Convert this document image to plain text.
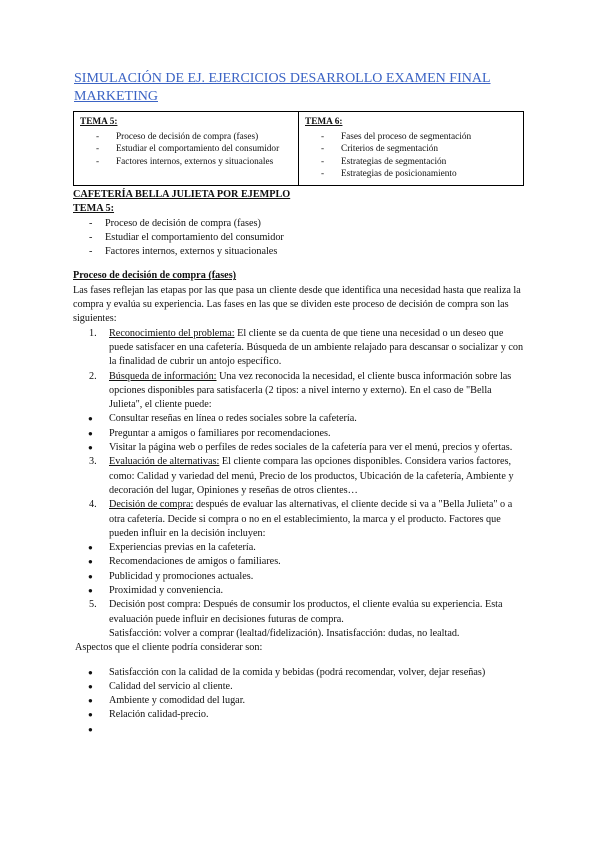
SIMULACIÓN DE EJ. EJERCICIOS DESARROLLO EXAMEN FINAL MARKETING
TEMA 5:
- Proceso de decisión de compra (fases)
- Estudiar el comportamiento del consumidor
- Factores internos, externos y situacionales
TEMA 6:
- Fases del proceso de segmentación
- Criterios de segmentación
- Estrategias de segmentación
- Estrategias de posicionamiento
CAFETERÍA BELLA JULIETA POR EJEMPLO
TEMA 5:
- Proceso de decisión de compra (fases)
- Estudiar el comportamiento del consumidor
- Factores internos, externos y situacionales
Proceso de decisión de compra (fases)

Las fases reflejan las etapas por las que pasa un cliente desde que identifica una necesidad hasta que realiza la compra y evalúa su experiencia. Las fases en las que se dividen este proceso de decisión de compra son las siguientes:

1. Reconocimiento del problema: El cliente se da cuenta de que tiene una necesidad o un deseo que puede satisfacer en una cafetería. Búsqueda de un ambiente relajado para descansar o socializar y con la finalidad de cubrir un antojo específico.
2. Búsqueda de información: Una vez reconocida la necesidad, el cliente busca información sobre las opciones disponibles para satisfacerla (2 tipos: a nivel interno y externo). En el caso de "Bella Julieta", el cliente puede:
● Consultar reseñas en línea o redes sociales sobre la cafetería.
● Preguntar a amigos o familiares por recomendaciones.
● Visitar la página web o perfiles de redes sociales de la cafetería para ver el menú, precios y ofertas.
3. Evaluación de alternativas: El cliente compara las opciones disponibles. Considera varios factores, como: Calidad y variedad del menú, Precio de los productos, Ubicación de la cafetería, Ambiente y decoración del lugar, Opiniones y reseñas de otros clientes…
4. Decisión de compra: después de evaluar las alternativas, el cliente decide si va a "Bella Julieta" o a otra cafetería. Decide si compra o no en el establecimiento, la marca y el producto. Factores que pueden influir en la decisión incluyen:
● Experiencias previas en la cafetería.
● Recomendaciones de amigos o familiares.
● Publicidad y promociones actuales.
● Proximidad y conveniencia.
5. Decisión post compra: Después de consumir los productos, el cliente evalúa su experiencia. Esta evaluación puede influir en decisiones futuras de compra.

Satisfacción: volver a comprar (lealtad/fidelización). Insatisfacción: dudas, no lealtad.

Aspectos que el cliente podría considerar son:

● Satisfacción con la calidad de la comida y bebidas (podrá recomendar, volver, dejar reseñas)
● Calidad del servicio al cliente.
● Ambiente y comodidad del lugar.
● Relación calidad-precio.
●
